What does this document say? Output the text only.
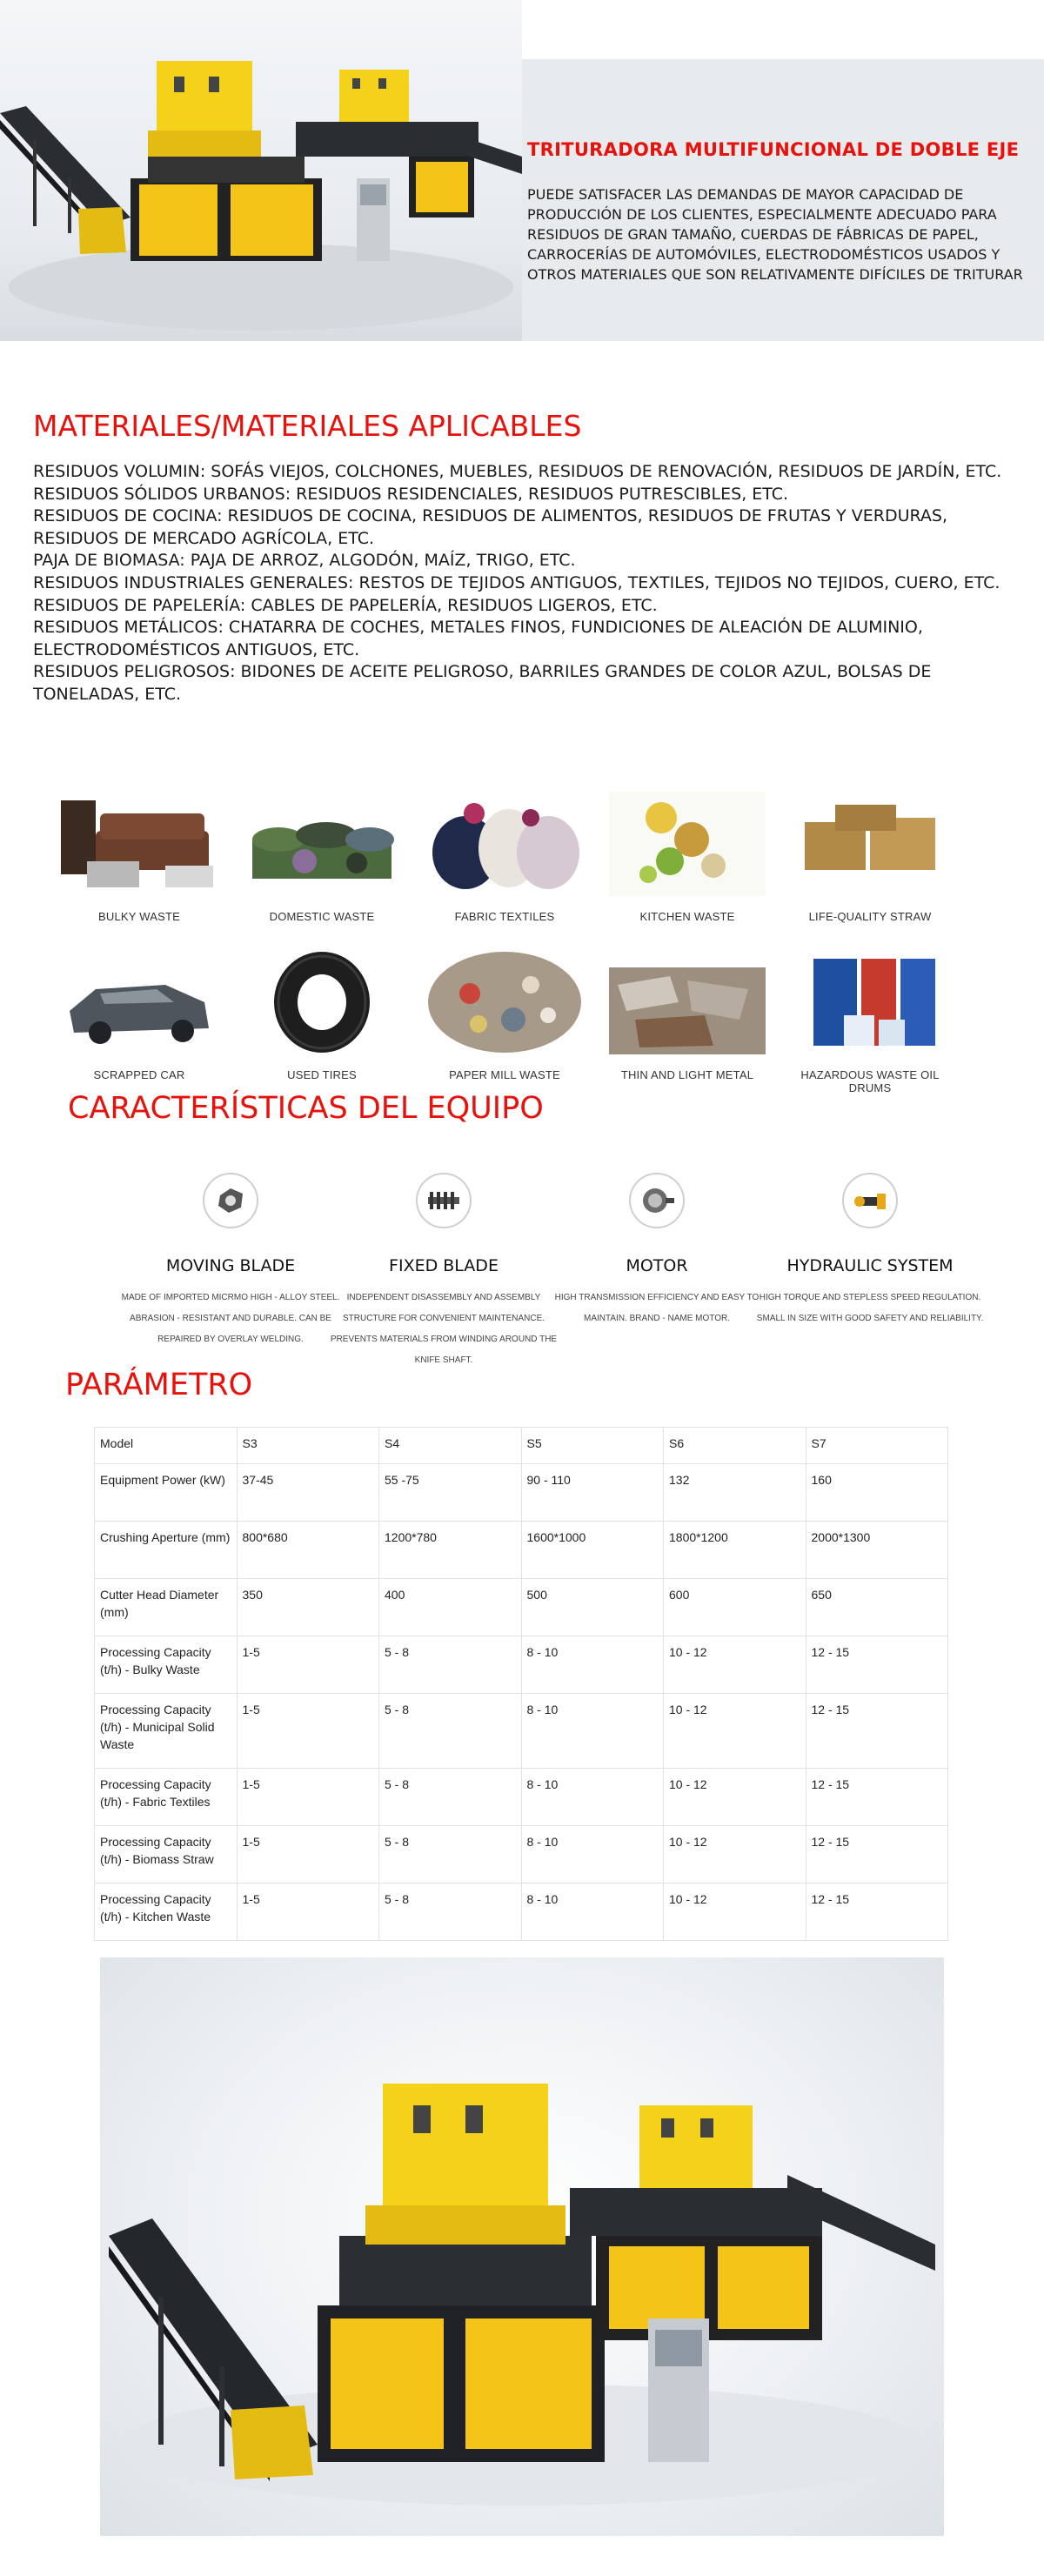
TRITURADORA MULTIFUNCIONAL DE DOBLE EJE

PUEDE SATISFACER LAS DEMANDAS DE MAYOR CAPACIDAD DE PRODUCCIÓN DE LOS CLIENTES, ESPECIALMENTE ADECUADO PARA RESIDUOS DE GRAN TAMAÑO, CUERDAS DE FÁBRICAS DE PAPEL, CARROCERÍAS DE AUTOMÓVILES, ELECTRODOMÉSTICOS USADOS Y OTROS MATERIALES QUE SON RELATIVAMENTE DIFÍCILES DE TRITURAR

MATERIALES/MATERIALES APLICABLES
RESIDUOS VOLUMIN: SOFÁS VIEJOS, COLCHONES, MUEBLES, RESIDUOS DE RENOVACIÓN, RESIDUOS DE JARDÍN, ETC.
RESIDUOS SÓLIDOS URBANOS: RESIDUOS RESIDENCIALES, RESIDUOS PUTRESCIBLES, ETC.
RESIDUOS DE COCINA: RESIDUOS DE COCINA, RESIDUOS DE ALIMENTOS, RESIDUOS DE FRUTAS Y VERDURAS, RESIDUOS DE MERCADO AGRÍCOLA, ETC.
PAJA DE BIOMASA: PAJA DE ARROZ, ALGODÓN, MAÍZ, TRIGO, ETC.
RESIDUOS INDUSTRIALES GENERALES: RESTOS DE TEJIDOS ANTIGUOS, TEXTILES, TEJIDOS NO TEJIDOS, CUERO, ETC.
RESIDUOS DE PAPELERÍA: CABLES DE PAPELERÍA, RESIDUOS LIGEROS, ETC.
RESIDUOS METÁLICOS: CHATARRA DE COCHES, METALES FINOS, FUNDICIONES DE ALEACIÓN DE ALUMINIO, ELECTRODOMÉSTICOS ANTIGUOS, ETC.
RESIDUOS PELIGROSOS: BIDONES DE ACEITE PELIGROSO, BARRILES GRANDES DE COLOR AZUL, BOLSAS DE TONELADAS, ETC.
BULKY WASTE	DOMESTIC WASTE	FABRIC TEXTILES	KITCHEN WASTE	LIFE-QUALITY STRAW
SCRAPPED CAR	USED TIRES	PAPER MILL WASTE	THIN AND LIGHT METAL	HAZARDOUS WASTE OIL DRUMS
CARACTERÍSTICAS DEL EQUIPO
MOVING BLADE
MADE OF IMPORTED MICRMO HIGH - ALLOY STEEL. ABRASION - RESISTANT AND DURABLE. CAN BE REPAIRED BY OVERLAY WELDING.
FIXED BLADE
INDEPENDENT DISASSEMBLY AND ASSEMBLY STRUCTURE FOR CONVENIENT MAINTENANCE. PREVENTS MATERIALS FROM WINDING AROUND THE KNIFE SHAFT.
MOTOR
HIGH TRANSMISSION EFFICIENCY AND EASY TO MAINTAIN. BRAND - NAME MOTOR.
HYDRAULIC SYSTEM
HIGH TORQUE AND STEPLESS SPEED REGULATION. SMALL IN SIZE WITH GOOD SAFETY AND RELIABILITY.
PARÁMETRO
Model	S3	S4	S5	S6	S7
Equipment Power (kW)	37-45	55 -75	90 - 110	132	160
Crushing Aperture (mm)	800*680	1200*780	1600*1000	1800*1200	2000*1300
Cutter Head Diameter (mm)	350	400	500	600	650
Processing Capacity (t/h) - Bulky Waste	1-5	5 - 8	8 - 10	10 - 12	12 - 15
Processing Capacity (t/h) - Municipal Solid Waste	1-5	5 - 8	8 - 10	10 - 12	12 - 15
Processing Capacity (t/h) - Fabric Textiles	1-5	5 - 8	8 - 10	10 - 12	12 - 15
Processing Capacity (t/h) - Biomass Straw	1-5	5 - 8	8 - 10	10 - 12	12 - 15
Processing Capacity (t/h) - Kitchen Waste	1-5	5 - 8	8 - 10	10 - 12	12 - 15
